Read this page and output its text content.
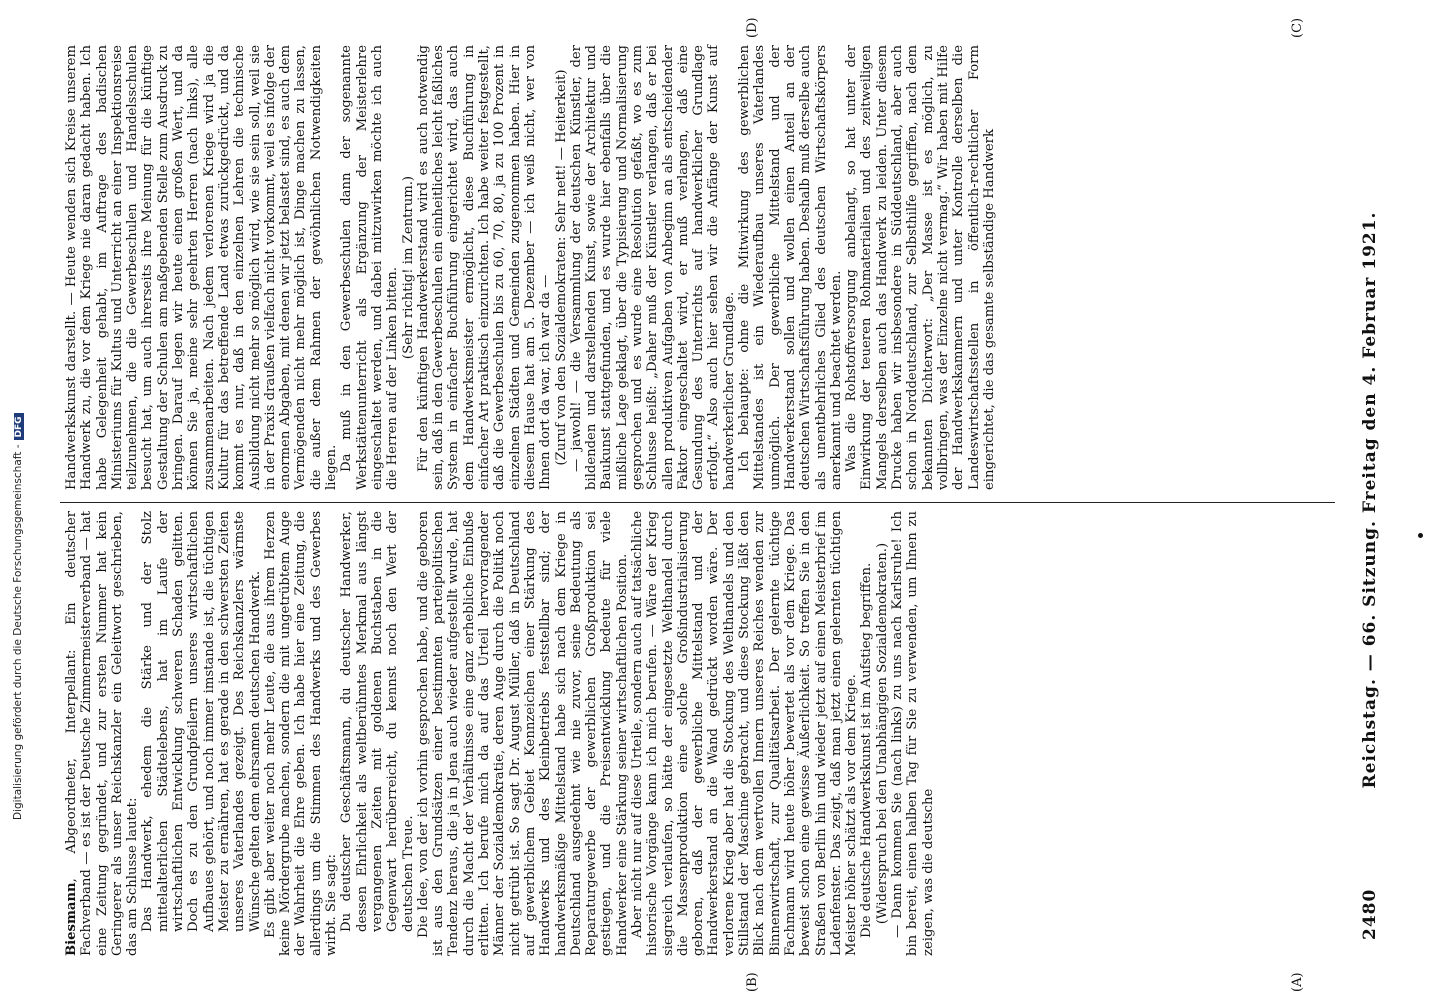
2480
Reichstag. — 66. Sitzung. Freitag den 4. Februar 1921.
(A)
(B)
(C)
(D)

Biesmann, Abgeordneter, Interpellant: Ein deutscher Fachverband — es ist der Deutsche Zimmermeisterverband — hat eine Zeitung gegründet, und zur ersten Nummer hat kein Geringerer als unser Reichskanzler ein Geleitwort geschrieben, das am Schlusse lautet: Das Handwerk, ehedem die Stärke und der Stolz mittelalterlichen Städtelebens, hat im Laufe der wirtschaftlichen Entwicklung schweren Schaden gelitten. Doch es zu den Grundpfeilern unseres wirtschaftlichen Aufbaues gehört, und noch immer imstande ist, die tüchtigen Meister zu ernähren, hat es gerade in den schwersten Zeiten unseres Vaterlandes gezeigt. Des Reichskanzlers wärmste Wünsche gelten dem ehrsamen deutschen Handwerk. Es gibt aber weiter noch mehr Leute, die aus ihrem Herzen keine Mördergrube machen, sondern die mit ungetrübtem Auge der Wahrheit die Ehre geben. Ich habe hier eine Zeitung, die allerdings um die Stimmen des Handwerks und des Gewerbes wirbt. Sie sagt: Du deutscher Geschäftsmann, du deutscher Handwerker, dessen Ehrlichkeit als weltberühmtes Merkmal aus längst vergangenen Zeiten mit goldenen Buchstaben in die Gegenwart herüberreicht, du kennst noch den Wert der deutschen Treue. Die Idee, von der ich vorhin gesprochen habe, und die geboren ist aus den Grundsätzen einer bestimmten parteipolitischen Tendenz heraus, die ja in Jena auch wieder aufgestellt wurde, hat durch die Macht der Verhältnisse eine ganz erhebliche Einbuße erlitten. Ich berufe mich da auf das Urteil hervorragender Männer der Sozialdemokratie, deren Auge durch die Politik noch nicht getrübt ist. So sagt Dr. August Müller, daß in Deutschland auf gewerblichem Gebiet Kennzeichen einer Stärkung des Handwerks und des Kleinbetriebs feststellbar sind; der handwerksmäßige Mittelstand habe sich nach dem Kriege in Deutschland ausgedehnt wie nie zuvor, seine Bedeutung als Reparaturgewerbe der gewerblichen Großproduktion sei gestiegen, und die Preisentwicklung bedeute für viele Handwerker eine Stärkung seiner wirtschaftlichen Position. Aber nicht nur auf diese Urteile, sondern auch auf tatsächliche historische Vorgänge kann ich mich berufen. — Wäre der Krieg siegreich verlaufen, so hätte der eingesetzte Welthandel durch die Massenproduktion eine solche Großindustrialisierung geboren, daß der gewerbliche Mittelstand und der Handwerkerstand an die Wand gedrückt worden wäre. Der verlorene Krieg aber hat die Stockung des Welthandels und den Stillstand der Maschine gebracht, und diese Stockung läßt den Blick nach dem wertvollen Innern unseres Reiches wenden zur Binnenwirtschaft, zur Qualitätsarbeit. Der gelernte tüchtige Fachmann wird heute höher bewertet als vor dem Kriege. Das beweist schon eine gewisse Äußerlichkeit. So treffen Sie in den Straßen von Berlin hin und wieder jetzt auf einen Meisterbrief im Ladenfenster. Das zeigt, daß man jetzt einen gelernten tüchtigen Meister höher schätzt als vor dem Kriege. Die deutsche Handwerkskunst ist im Aufstieg begriffen. (Widerspruch bei den Unabhängigen Sozialdemokraten.) — Dann kommen Sie (nach links) zu uns nach Karlsruhe! Ich bin bereit, einen halben Tag für Sie zu verwenden, um Ihnen zu zeigen, was die deutsche

Handwerkskunst darstellt. — Heute wenden sich Kreise unserem Handwerk zu, die vor dem Kriege nie daran gedacht haben. Ich habe Gelegenheit gehabt, im Auftrage des badischen Ministeriums für Kultus und Unterricht an einer Inspektionsreise teilzunehmen, die die Gewerbeschulen und Handelsschulen besucht hat, um auch ihrerseits ihre Meinung für die künftige Gestaltung der Schulen am maßgebenden Stelle zum Ausdruck zu bringen. Darauf legen wir heute einen großen Wert, und da können Sie ja, meine sehr geehrten Herren (nach links), alle zusammenarbeiten. Nach jedem verlorenen Kriege wird ja die Kultur für das betreffende Land etwas zurückgedrückt, und da kommt es nur, daß in den einzelnen Lehren die technische Ausbildung nicht mehr so möglich wird, wie sie sein soll, weil sie in der Praxis draußen vielfach nicht vorkommt, weil es infolge der enormen Abgaben, mit denen wir jetzt belastet sind, es auch dem Vermögenden nicht mehr möglich ist, Dinge machen zu lassen, die außer dem Rahmen der gewöhnlichen Notwendigkeiten liegen. Da muß in den Gewerbeschulen dann der sogenannte Werkstättenunterricht als Ergänzung der Meisterlehre eingeschaltet werden, und dabei mitzuwirken möchte ich auch die Herren auf der Linken bitten. (Sehr richtig! im Zentrum.) Für den künftigen Handwerkerstand wird es auch notwendig sein, daß in den Gewerbeschulen ein einheitliches leicht faßliches System in einfacher Buchführung eingerichtet wird, das auch dem Handwerksmeister ermöglicht, diese Buchführung in einfacher Art praktisch einzurichten. Ich habe weiter festgestellt, daß die Gewerbeschulen bis zu 60, 70, 80, ja zu 100 Prozent in einzelnen Städten und Gemeinden zugenommen haben. Hier in diesem Hause hat am 5. Dezember — ich weiß nicht, wer von Ihnen dort da war, ich war da — (Zuruf von den Sozialdemokraten: Sehr nett! — Heiterkeit) — jawohl! — die Versammlung der deutschen Künstler, der bildenden und darstellenden Kunst, sowie der Architektur und Baukunst stattgefunden, und es wurde hier ebenfalls über die mißliche Lage geklagt, über die Typisierung und Normalisierung gesprochen und es wurde eine Resolution gefaßt, wo es zum Schlusse heißt: „Daher muß der Künstler verlangen, daß er bei allen produktiven Aufgaben von Anbeginn an als entscheidender Faktor eingeschaltet wird, er muß verlangen, daß eine Gesundung des Unterrichts auf handwerklicher Grundlage erfolgt.“ Also auch hier sehen wir die Anfänge der Kunst auf handwerkerlicher Grundlage. Ich behaupte: ohne die Mitwirkung des gewerblichen Mittelstandes ist ein Wiederaufbau unseres Vaterlandes unmöglich. Der gewerbliche Mittelstand und der Handwerkerstand sollen und wollen einen Anteil an der deutschen Wirtschaftsführung haben. Deshalb muß derselbe auch als unentbehrliches Glied des deutschen Wirtschaftskörpers anerkannt und beachtet werden. Was die Rohstoffversorgung anbelangt, so hat unter der Einwirkung der teueren Rohmaterialien und des zeitweiligen Mangels derselben auch das Handwerk zu leiden. Unter diesem Drucke haben wir insbesondere in Süddeutschland, aber auch schon in Norddeutschland, zur Selbsthilfe gegriffen, nach dem bekannten Dichterwort: „Der Masse ist es möglich, zu vollbringen, was der Einzelne nicht vermag.“ Wir haben mit Hilfe der Handwerkskammern und unter Kontrolle derselben die Landeswirtschaftsstellen in öffentlich-rechtlicher Form eingerichtet, die das gesamte selbständige Handwerk

Digitalisierung gefördert durch die Deutsche Forschungsgemeinschaft -DFG
